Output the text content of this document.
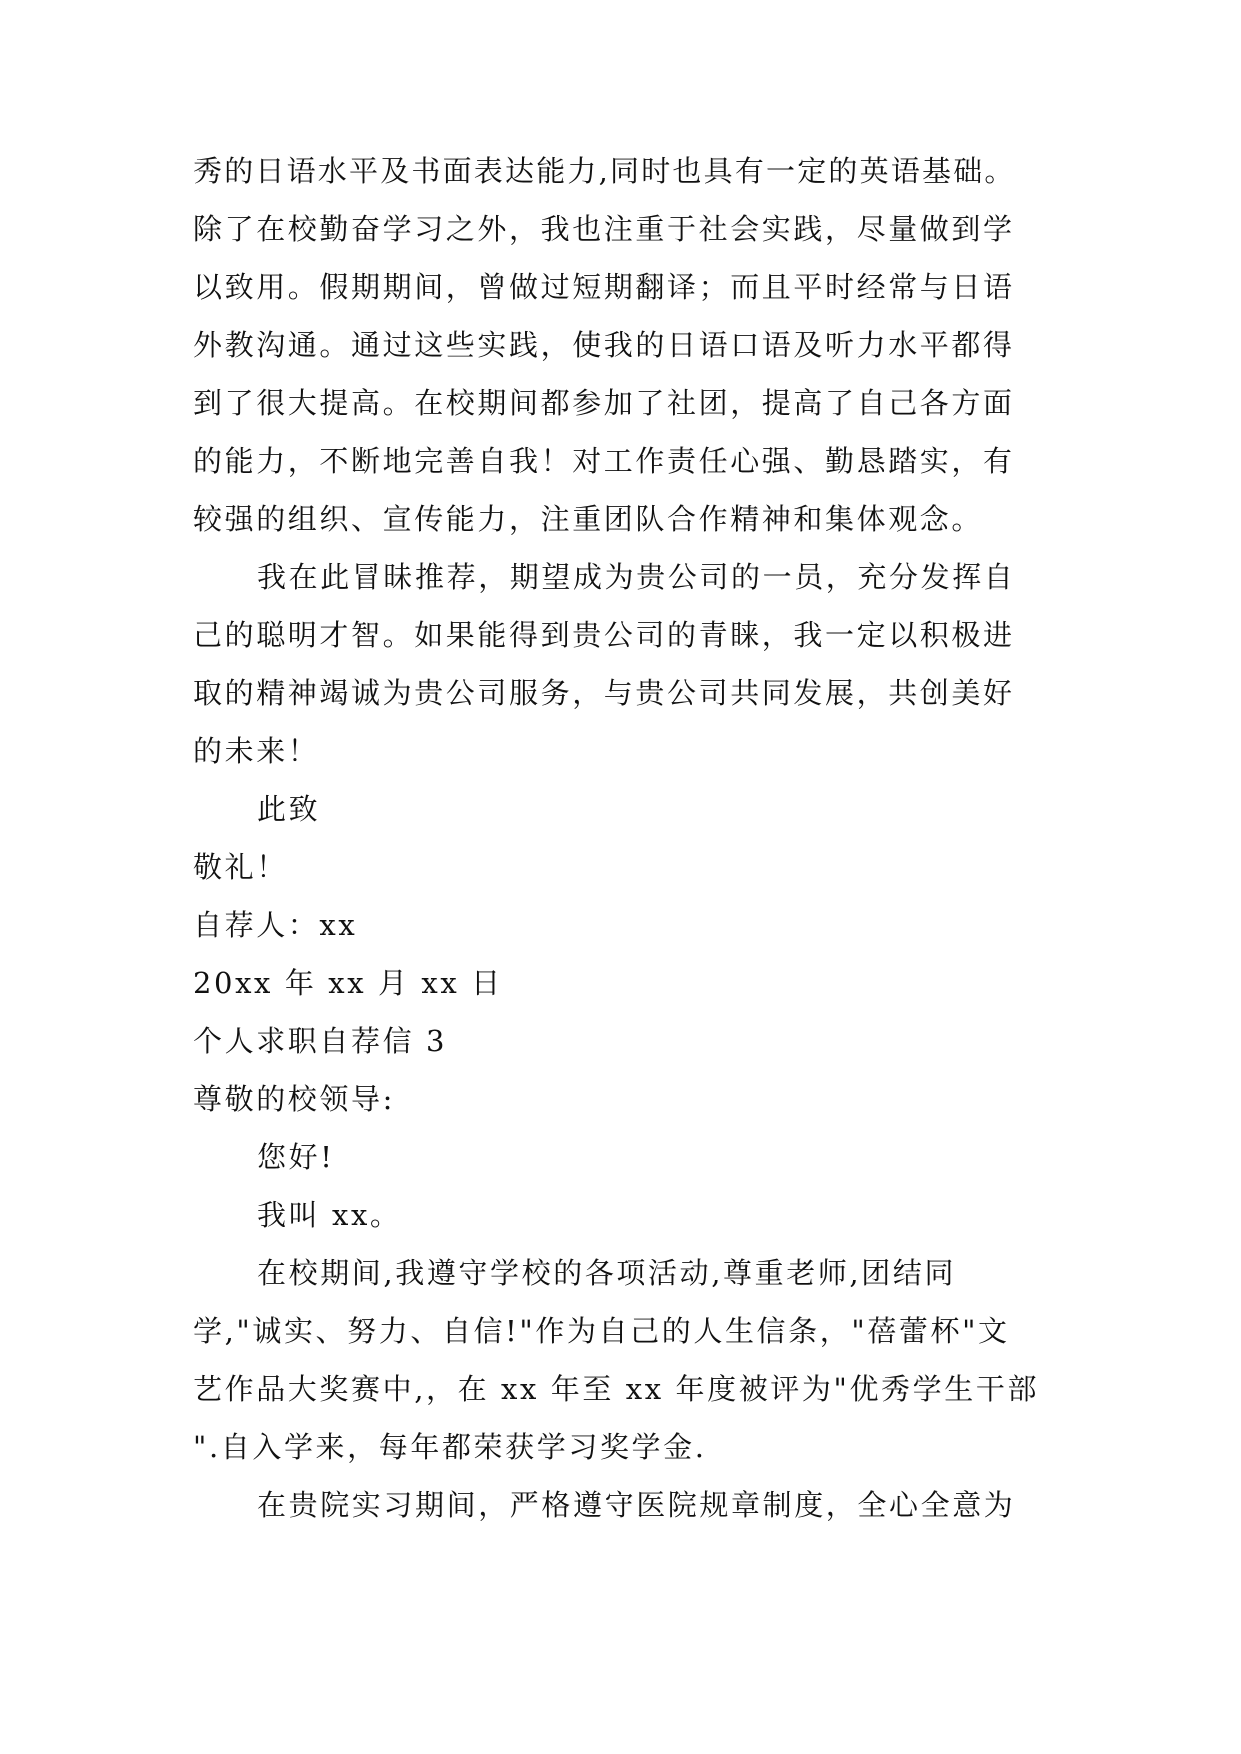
秀的日语水平及书面表达能力,同时也具有一定的英语基础。
除了在校勤奋学习之外，我也注重于社会实践，尽量做到学
以致用。假期期间，曾做过短期翻译；而且平时经常与日语
外教沟通。通过这些实践，使我的日语口语及听力水平都得
到了很大提高。在校期间都参加了社团，提高了自己各方面
的能力，不断地完善自我！对工作责任心强、勤恳踏实，有
较强的组织、宣传能力，注重团队合作精神和集体观念。
我在此冒昧推荐，期望成为贵公司的一员，充分发挥自
己的聪明才智。如果能得到贵公司的青睐，我一定以积极进
取的精神竭诚为贵公司服务，与贵公司共同发展，共创美好
的未来！
此致
敬礼！
自荐人：xx
20xx 年 xx 月 xx 日
个人求职自荐信 3
尊敬的校领导:
您好!
我叫 xx。
在校期间,我遵守学校的各项活动,尊重老师,团结同
学,"诚实、努力、自信!"作为自己的人生信条，"蓓蕾杯"文
艺作品大奖赛中,，在 xx 年至 xx 年度被评为"优秀学生干部
".自入学来，每年都荣获学习奖学金.
在贵院实习期间，严格遵守医院规章制度，全心全意为
